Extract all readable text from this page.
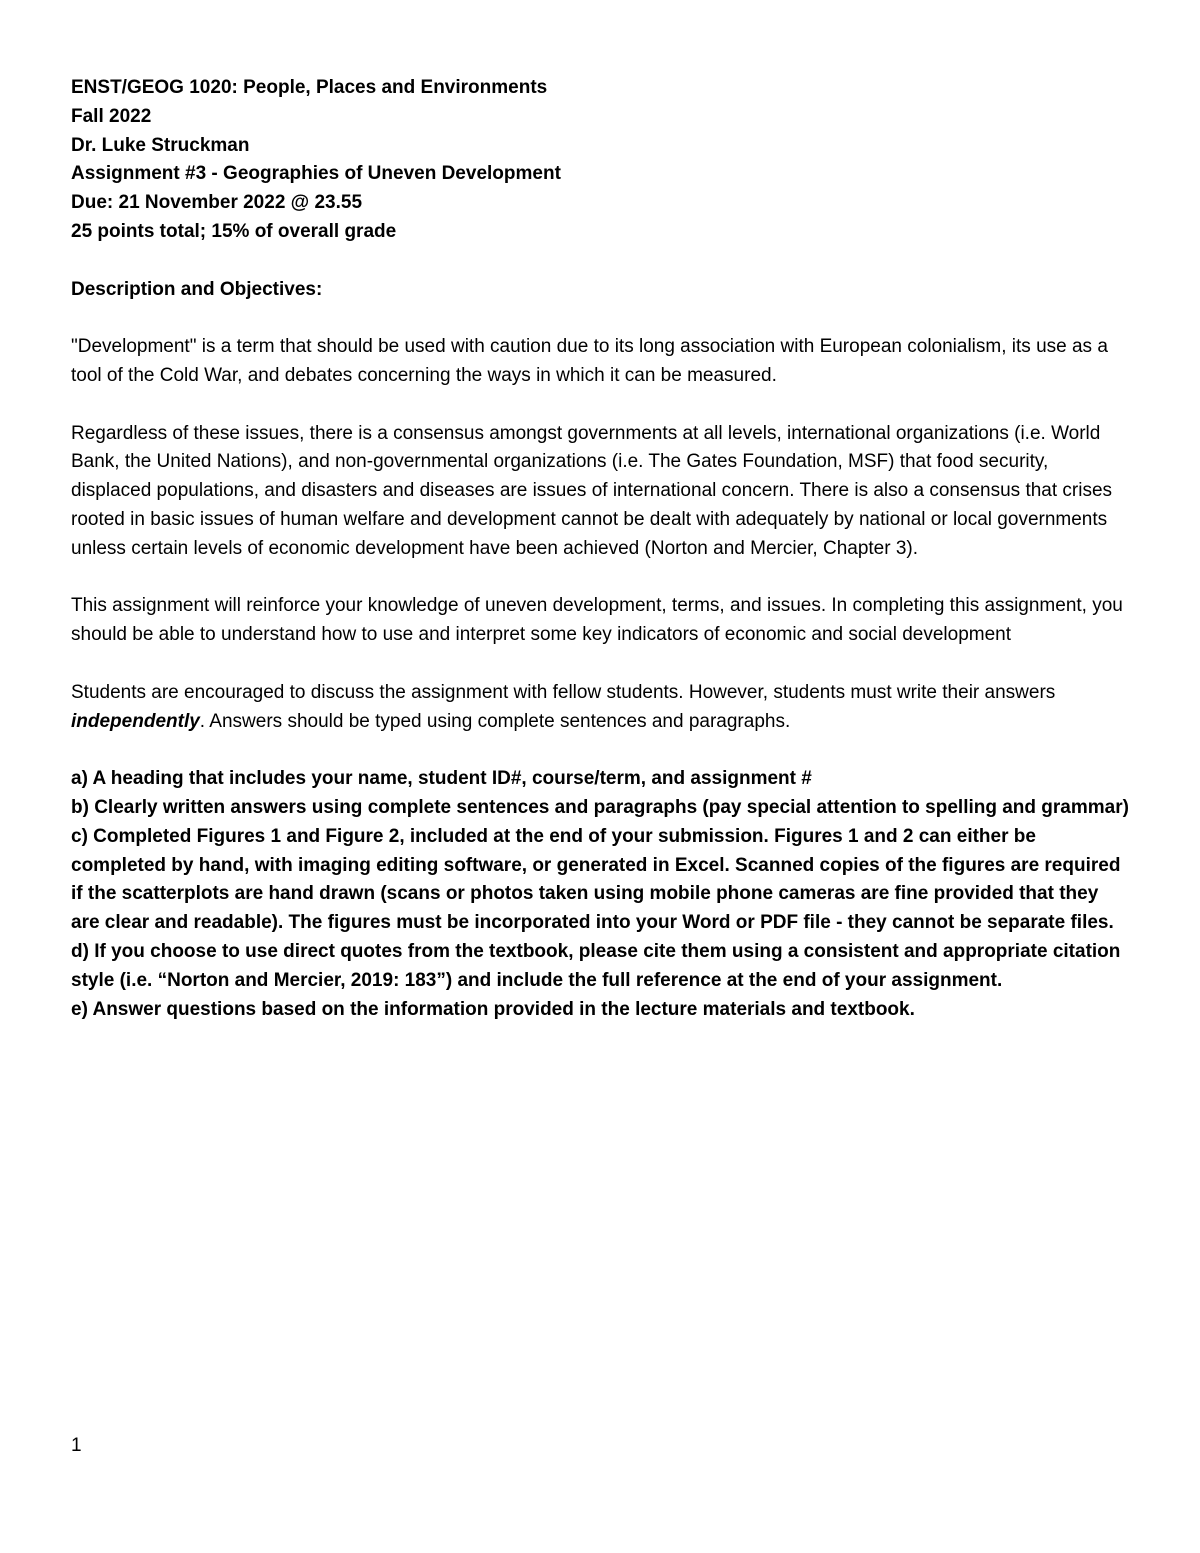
ENST/GEOG 1020: People, Places and Environments

Fall 2022

Dr. Luke Struckman

Assignment #3 - Geographies of Uneven Development

Due: 21 November 2022 @ 23.55

25 points total; 15% of overall grade

Description and Objectives:

"Development" is a term that should be used with caution due to its long association with European colonialism, its use as a tool of the Cold War, and debates concerning the ways in which it can be measured.

Regardless of these issues, there is a consensus amongst governments at all levels, international organizations (i.e. World Bank, the United Nations), and non-governmental organizations (i.e. The Gates Foundation, MSF) that food security, displaced populations, and disasters and diseases are issues of international concern. There is also a consensus that crises rooted in basic issues of human welfare and development cannot be dealt with adequately by national or local governments unless certain levels of economic development have been achieved (Norton and Mercier, Chapter 3).

This assignment will reinforce your knowledge of uneven development, terms, and issues. In completing this assignment, you should be able to understand how to use and interpret some key indicators of economic and social development

Students are encouraged to discuss the assignment with fellow students. However, students must write their answers independently. Answers should be typed using complete sentences and paragraphs.

a) A heading that includes your name, student ID#, course/term, and assignment #

b) Clearly written answers using complete sentences and paragraphs (pay special attention to spelling and grammar)

c) Completed Figures 1 and Figure 2, included at the end of your submission. Figures 1 and 2 can either be completed by hand, with imaging editing software, or generated in Excel. Scanned copies of the figures are required if the scatterplots are hand drawn (scans or photos taken using mobile phone cameras are fine provided that they are clear and readable). The figures must be incorporated into your Word or PDF file - they cannot be separate files.

d) If you choose to use direct quotes from the textbook, please cite them using a consistent and appropriate citation style (i.e. “Norton and Mercier, 2019: 183”) and include the full reference at the end of your assignment.

e) Answer questions based on the information provided in the lecture materials and textbook.

1
